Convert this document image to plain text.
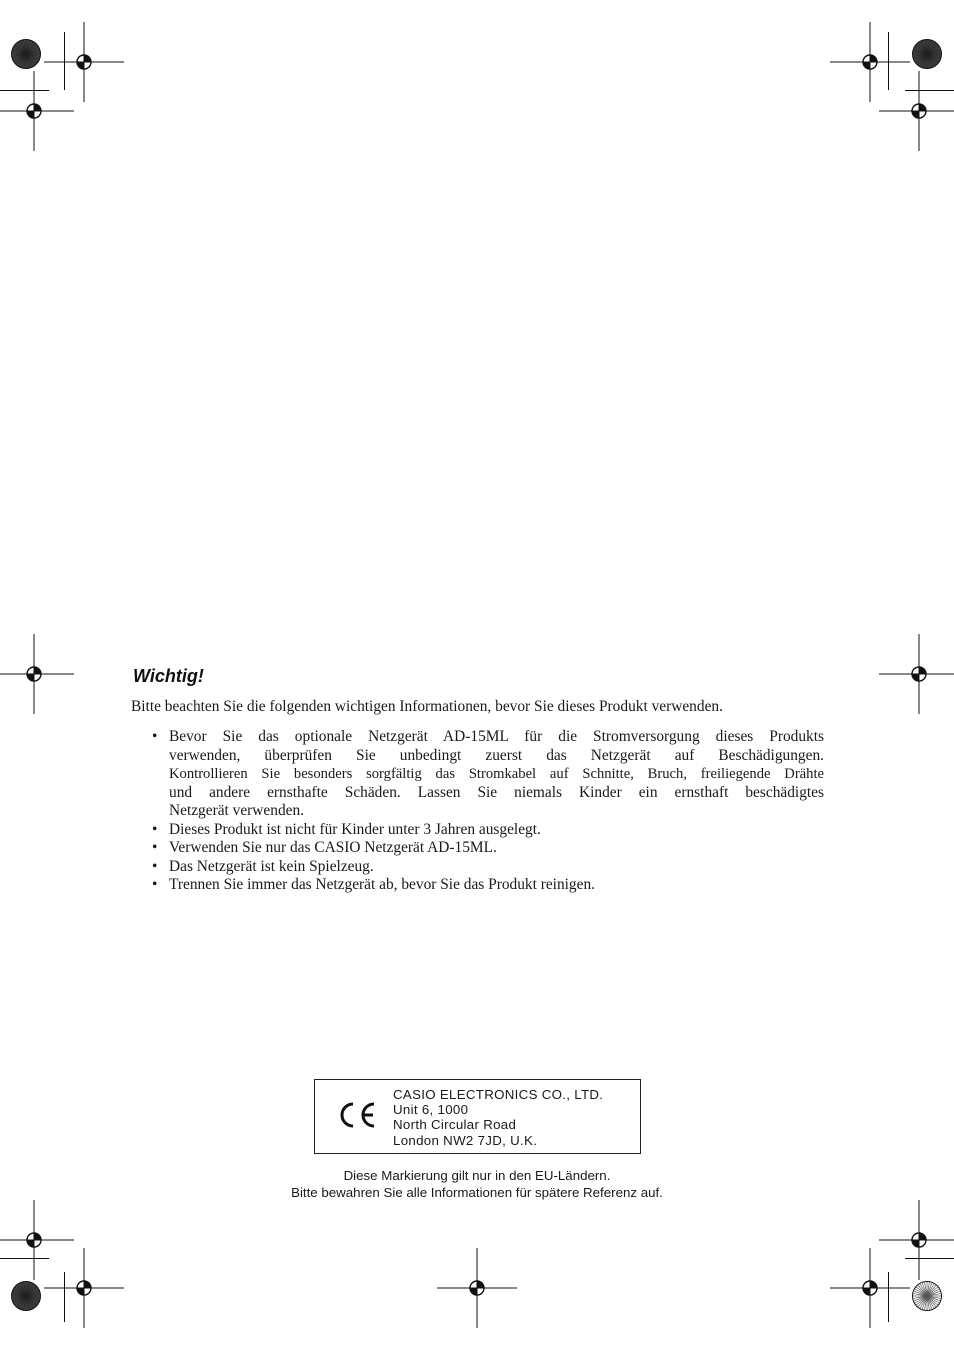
Wichtig!
Bitte beachten Sie die folgenden wichtigen Informationen, bevor Sie dieses Produkt verwenden.
• Bevor Sie das optionale Netzgerät AD-15ML für die Stromversorgung dieses Produkts
verwenden, überprüfen Sie unbedingt zuerst das Netzgerät auf Beschädigungen.
Kontrollieren Sie besonders sorgfältig das Stromkabel auf Schnitte, Bruch, freiliegende Drähte
und andere ernsthafte Schäden. Lassen Sie niemals Kinder ein ernsthaft beschädigtes
Netzgerät verwenden.
• Dieses Produkt ist nicht für Kinder unter 3 Jahren ausgelegt.
• Verwenden Sie nur das CASIO Netzgerät AD-15ML.
• Das Netzgerät ist kein Spielzeug.
• Trennen Sie immer das Netzgerät ab, bevor Sie das Produkt reinigen.
CASIO ELECTRONICS CO., LTD.
Unit 6, 1000
North Circular Road
London NW2 7JD, U.K.
Diese Markierung gilt nur in den EU-Ländern.
Bitte bewahren Sie alle Informationen für spätere Referenz auf.
